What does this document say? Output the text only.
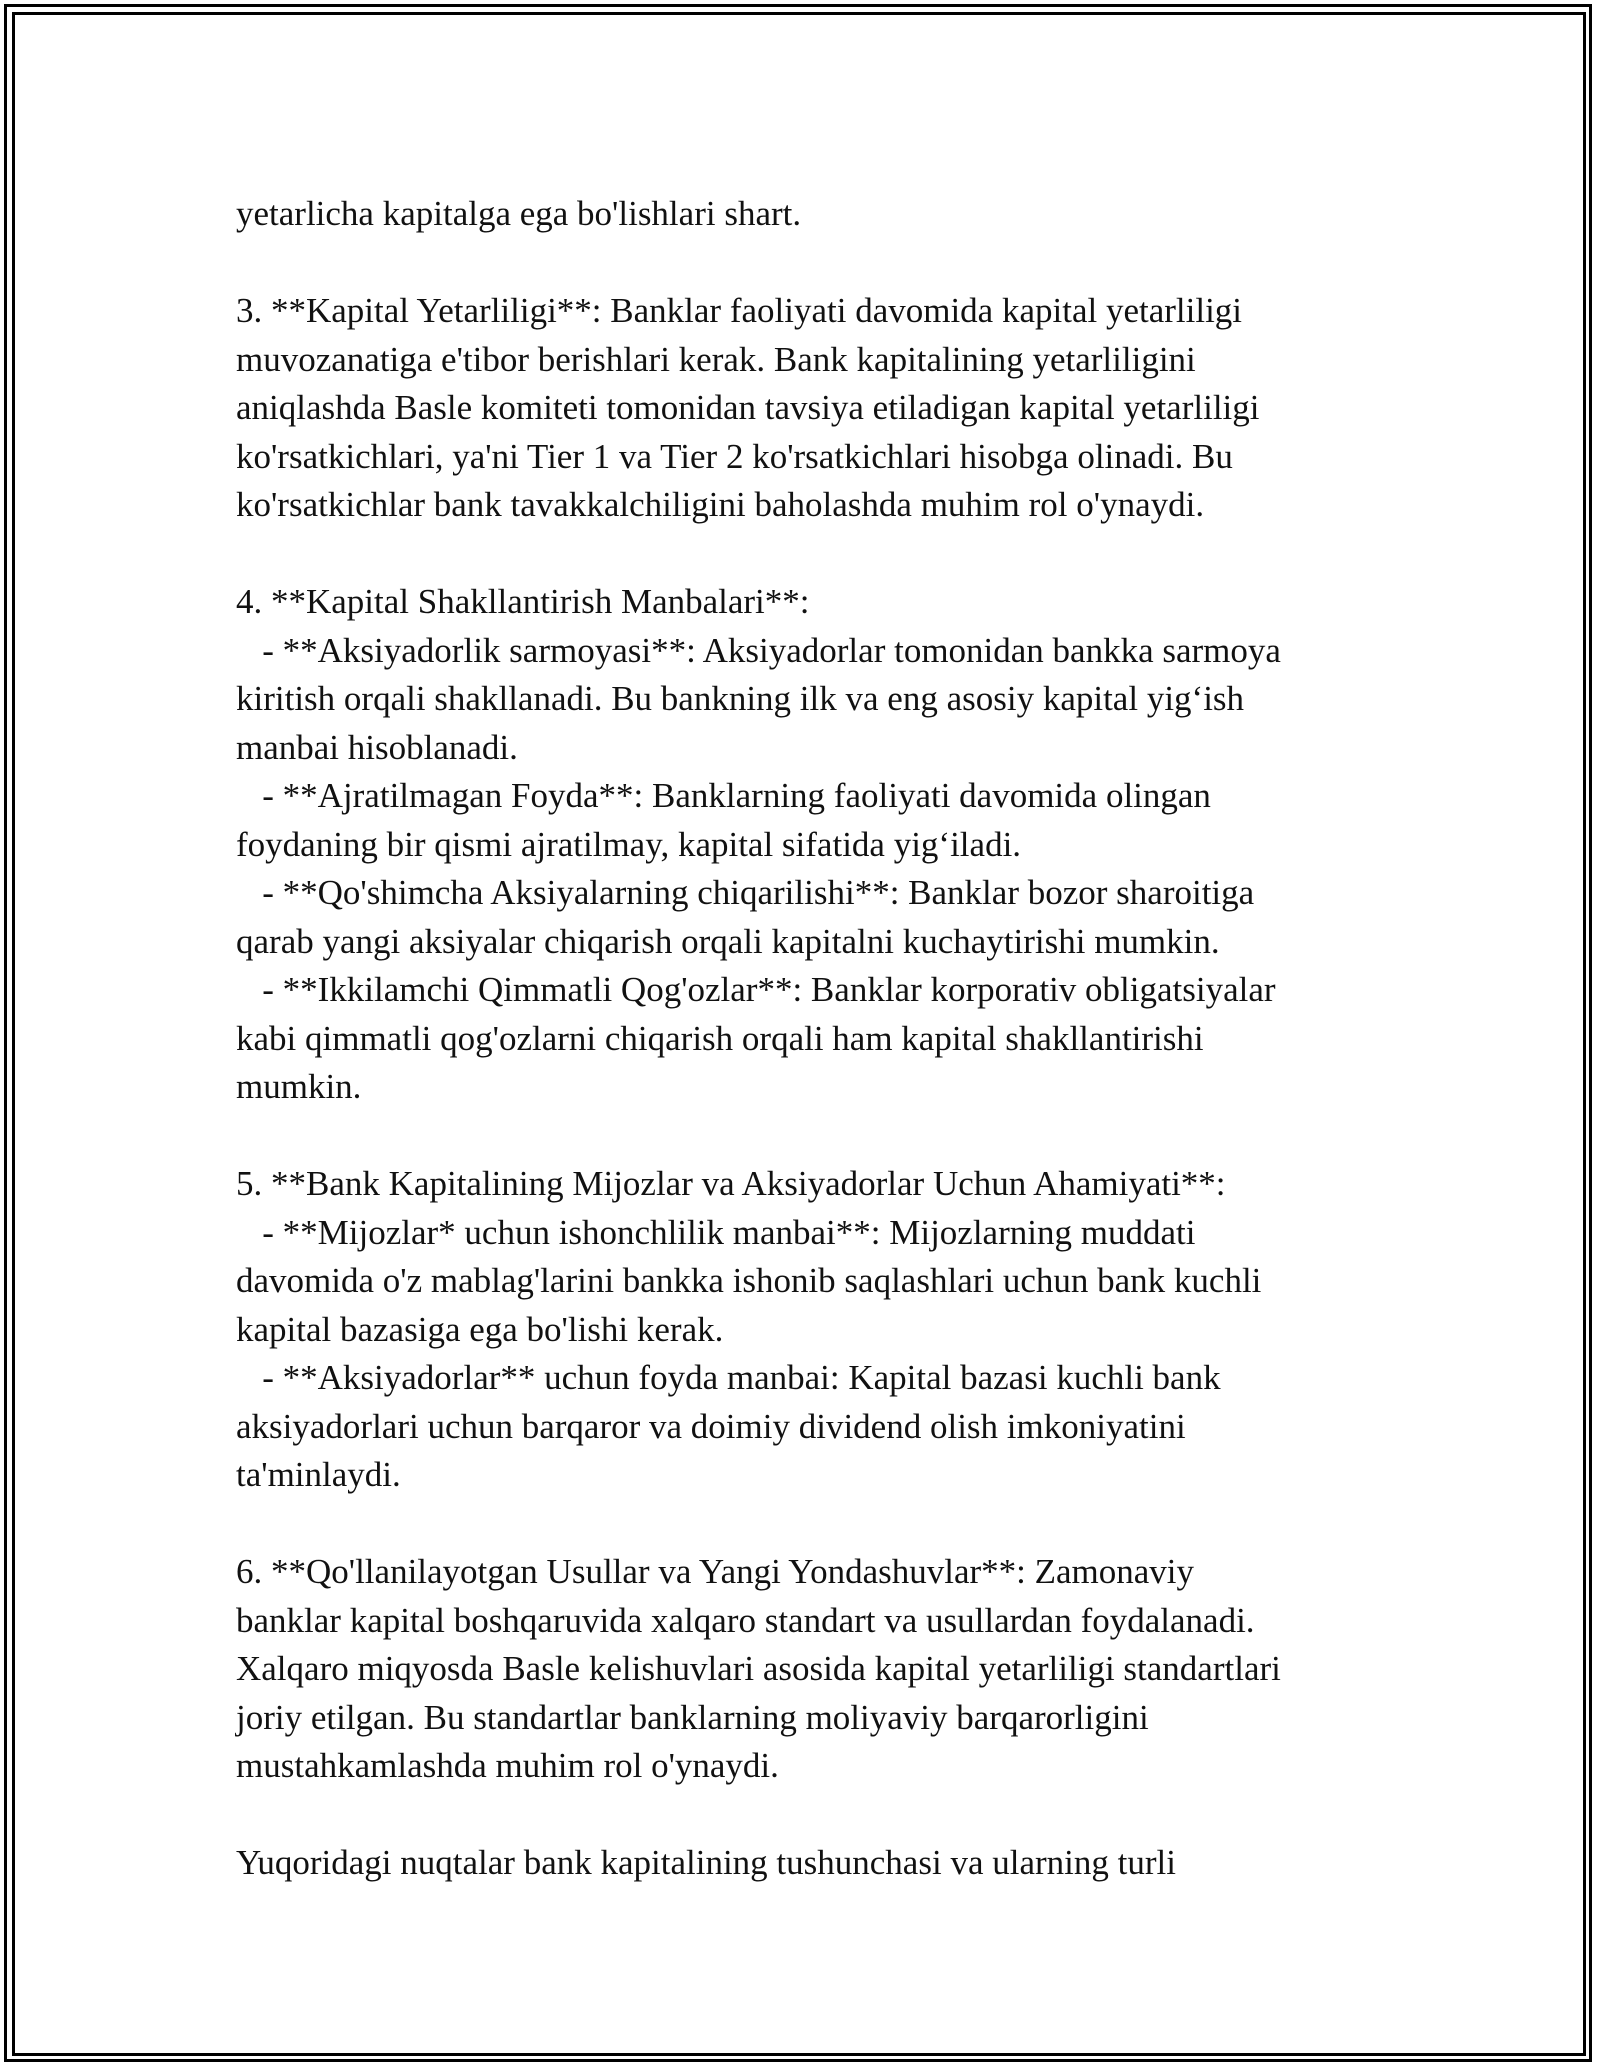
yetarlicha kapitalga ega bo'lishlari shart.
3. **Kapital Yetarliligi**: Banklar faoliyati davomida kapital yetarliligi
muvozanatiga e'tibor berishlari kerak. Bank kapitalining yetarliligini
aniqlashda Basle komiteti tomonidan tavsiya etiladigan kapital yetarliligi
ko'rsatkichlari, ya'ni Tier 1 va Tier 2 ko'rsatkichlari hisobga olinadi. Bu
ko'rsatkichlar bank tavakkalchiligini baholashda muhim rol o'ynaydi.
4. **Kapital Shakllantirish Manbalari**:
- **Aksiyadorlik sarmoyasi**: Aksiyadorlar tomonidan bankka sarmoya
kiritish orqali shakllanadi. Bu bankning ilk va eng asosiy kapital yig‘ish
manbai hisoblanadi.
- **Ajratilmagan Foyda**: Banklarning faoliyati davomida olingan
foydaning bir qismi ajratilmay, kapital sifatida yig‘iladi.
- **Qo'shimcha Aksiyalarning chiqarilishi**: Banklar bozor sharoitiga
qarab yangi aksiyalar chiqarish orqali kapitalni kuchaytirishi mumkin.
- **Ikkilamchi Qimmatli Qog'ozlar**: Banklar korporativ obligatsiyalar
kabi qimmatli qog'ozlarni chiqarish orqali ham kapital shakllantirishi
mumkin.
5. **Bank Kapitalining Mijozlar va Aksiyadorlar Uchun Ahamiyati**:
- **Mijozlar* uchun ishonchlilik manbai**: Mijozlarning muddati
davomida o'z mablag'larini bankka ishonib saqlashlari uchun bank kuchli
kapital bazasiga ega bo'lishi kerak.
- **Aksiyadorlar** uchun foyda manbai: Kapital bazasi kuchli bank
aksiyadorlari uchun barqaror va doimiy dividend olish imkoniyatini
ta'minlaydi.
6. **Qo'llanilayotgan Usullar va Yangi Yondashuvlar**: Zamonaviy
banklar kapital boshqaruvida xalqaro standart va usullardan foydalanadi.
Xalqaro miqyosda Basle kelishuvlari asosida kapital yetarliligi standartlari
joriy etilgan. Bu standartlar banklarning moliyaviy barqarorligini
mustahkamlashda muhim rol o'ynaydi.
Yuqoridagi nuqtalar bank kapitalining tushunchasi va ularning turli
